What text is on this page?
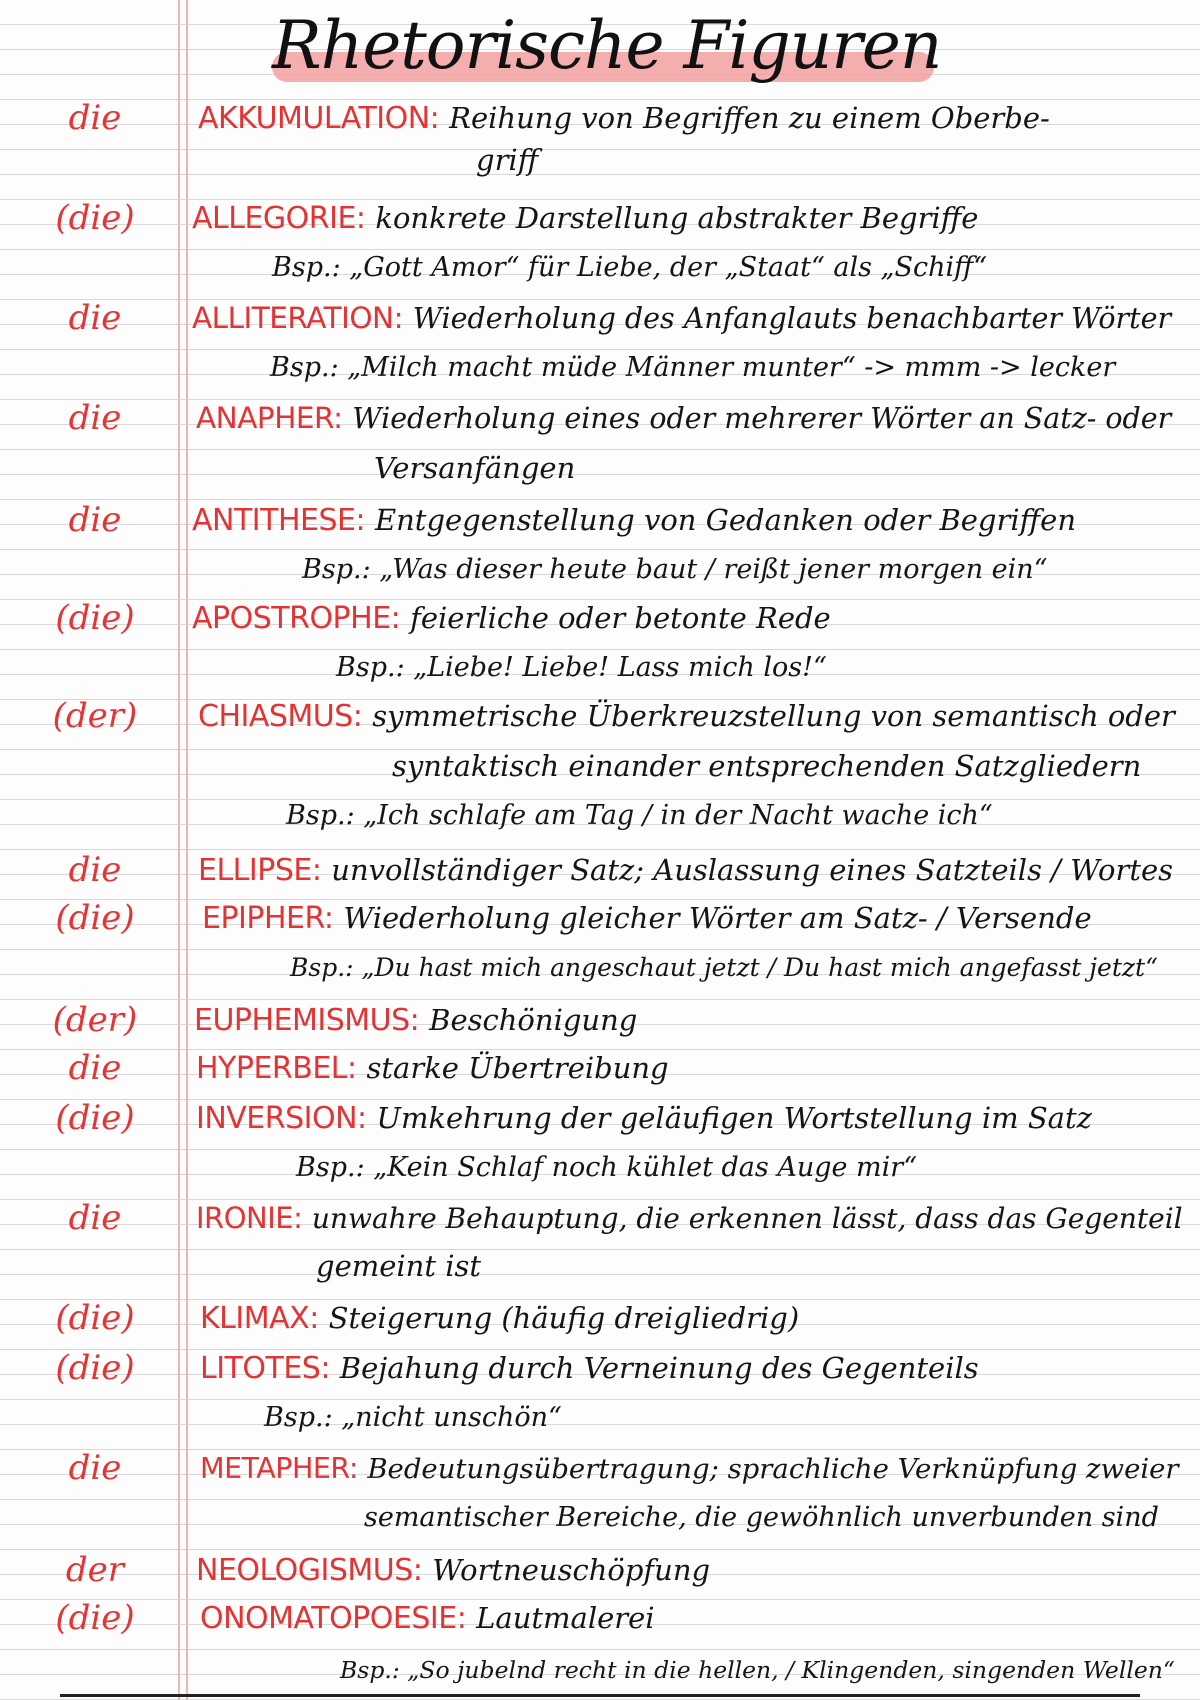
Rhetorische Figuren
die	AKKUMULATION: Reihung von Begriffen zu einem Oberbe-
griff
(die)	ALLEGORIE: konkrete Darstellung abstrakter Begriffe
Bsp.: „Gott Amor“ für Liebe, der „Staat“ als „Schiff“
die	ALLITERATION: Wiederholung des Anfanglauts benachbarter Wörter
Bsp.: „Milch macht müde Männer munter“ -> mmm -> lecker
die	ANAPHER: Wiederholung eines oder mehrerer Wörter an Satz- oder
Versanfängen
die	ANTITHESE: Entgegenstellung von Gedanken oder Begriffen
Bsp.: „Was dieser heute baut / reißt jener morgen ein“
(die)	APOSTROPHE: feierliche oder betonte Rede
Bsp.: „Liebe! Liebe! Lass mich los!“
(der)	CHIASMUS: symmetrische Überkreuzstellung von semantisch oder
syntaktisch einander entsprechenden Satzgliedern
Bsp.: „Ich schlafe am Tag / in der Nacht wache ich“
die	ELLIPSE: unvollständiger Satz; Auslassung eines Satzteils / Wortes
(die)	EPIPHER: Wiederholung gleicher Wörter am Satz- / Versende
Bsp.: „Du hast mich angeschaut jetzt / Du hast mich angefasst jetzt“
(der)	EUPHEMISMUS: Beschönigung
die	HYPERBEL: starke Übertreibung
(die)	INVERSION: Umkehrung der geläufigen Wortstellung im Satz
Bsp.: „Kein Schlaf noch kühlet das Auge mir“
die	IRONIE: unwahre Behauptung, die erkennen lässt, dass das Gegenteil
gemeint ist
(die)	KLIMAX: Steigerung (häufig dreigliedrig)
(die)	LITOTES: Bejahung durch Verneinung des Gegenteils
Bsp.: „nicht unschön“
die	METAPHER: Bedeutungsübertragung; sprachliche Verknüpfung zweier
semantischer Bereiche, die gewöhnlich unverbunden sind
der	NEOLOGISMUS: Wortneuschöpfung
(die)	ONOMATOPOESIE: Lautmalerei
Bsp.: „So jubelnd recht in die hellen, / Klingenden, singenden Wellen“
